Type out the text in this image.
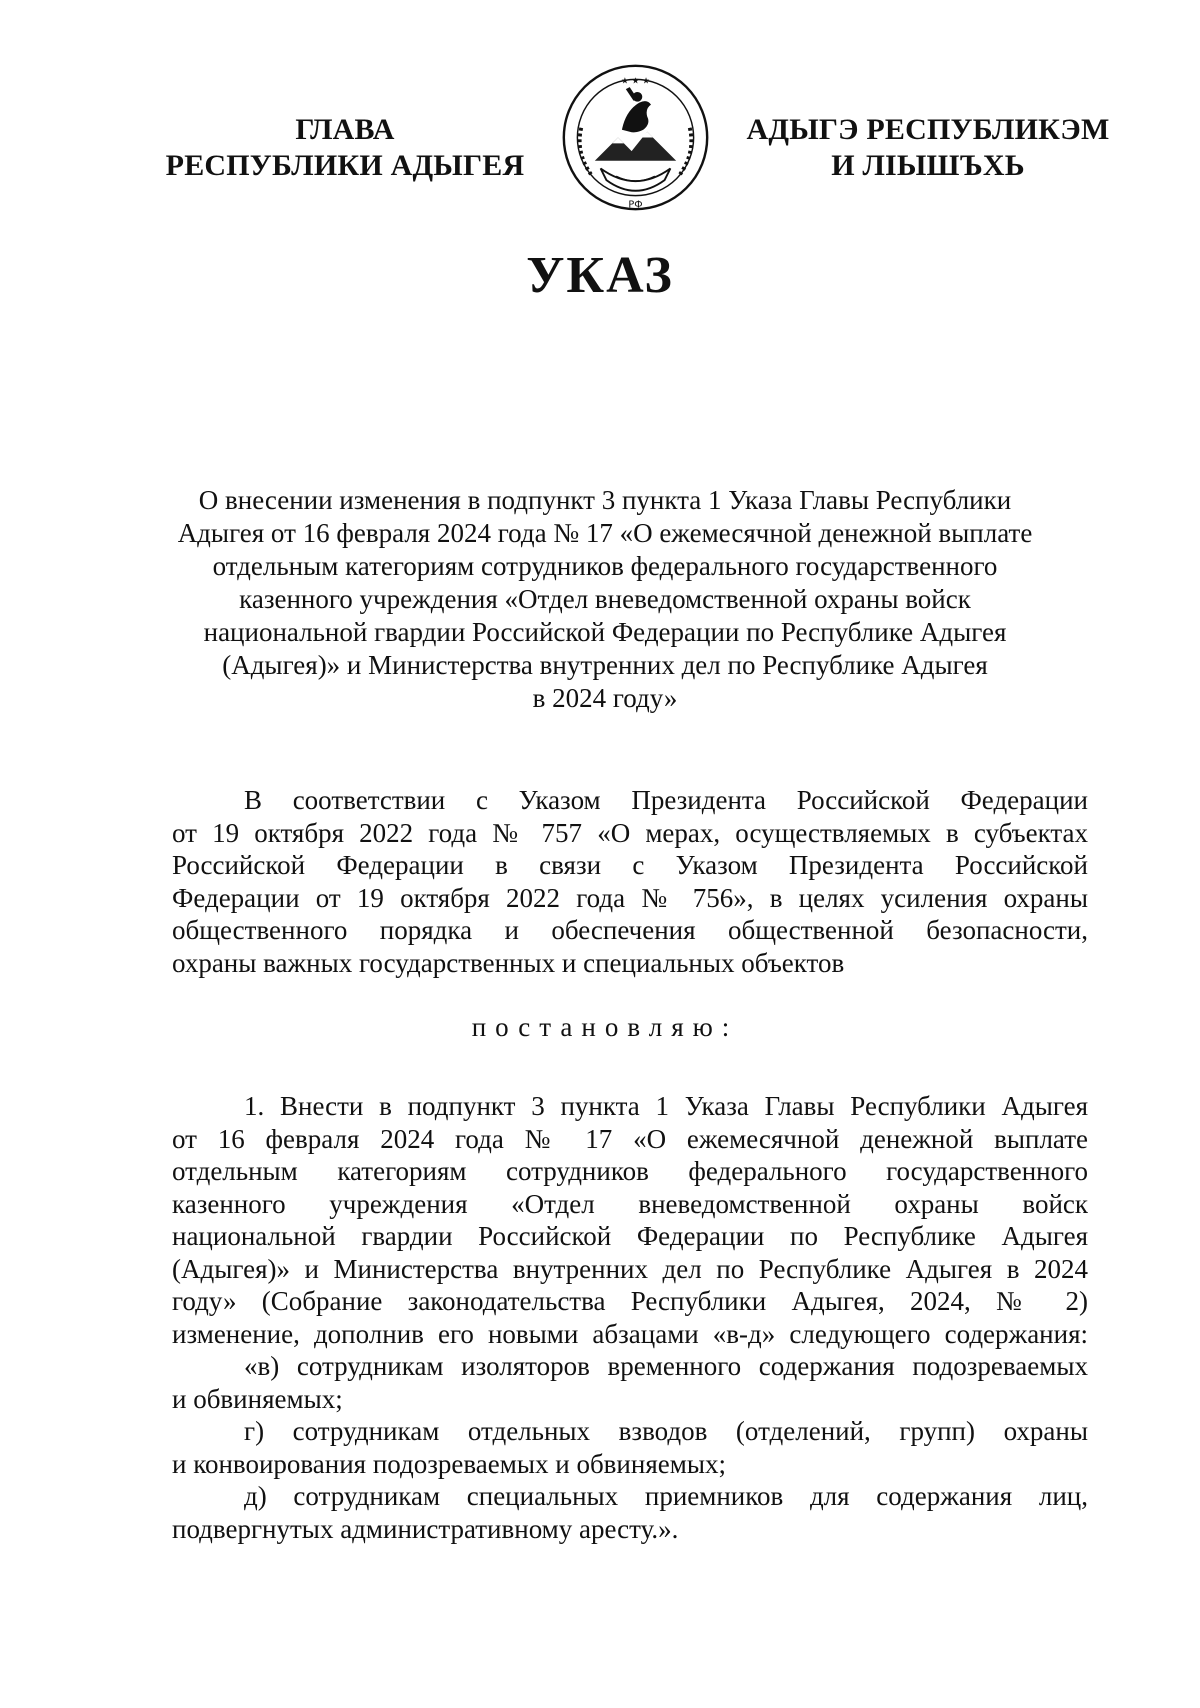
ГЛАВА
РЕСПУБЛИКИ АДЫГЕЯ
★ ★ ★
РФ
АДЫГЭ РЕСПУБЛИКЭМ
И ЛІЫШЪХЬ
УКАЗ
О внесении изменения в подпункт 3 пункта 1 Указа Главы Республики
Адыгея от 16 февраля 2024 года № 17 «О ежемесячной денежной выплате
отдельным категориям сотрудников федерального государственного
казенного учреждения «Отдел вневедомственной охраны войск
национальной гвардии Российской Федерации по Республике Адыгея
(Адыгея)» и Министерства внутренних дел по Республике Адыгея
в 2024 году»
В соответствии с Указом Президента Российской Федерации
от 19 октября 2022 года № 757 «О мерах, осуществляемых в субъектах
Российской Федерации в связи с Указом Президента Российской
Федерации от 19 октября 2022 года № 756», в целях усиления охраны
общественного порядка и обеспечения общественной безопасности,
охраны важных государственных и специальных объектов
постановляю:
1. Внести в подпункт 3 пункта 1 Указа Главы Республики Адыгея
от 16 февраля 2024 года № 17 «О ежемесячной денежной выплате
отдельным категориям сотрудников федерального государственного
казенного учреждения «Отдел вневедомственной охраны войск
национальной гвардии Российской Федерации по Республике Адыгея
(Адыгея)» и Министерства внутренних дел по Республике Адыгея в 2024
году» (Собрание законодательства Республики Адыгея, 2024, № 2)
изменение, дополнив его новыми абзацами «в-д» следующего содержания:
«в) сотрудникам изоляторов временного содержания подозреваемых
и обвиняемых;
г) сотрудникам отдельных взводов (отделений, групп) охраны
и конвоирования подозреваемых и обвиняемых;
д) сотрудникам специальных приемников для содержания лиц,
подвергнутых административному аресту.».
